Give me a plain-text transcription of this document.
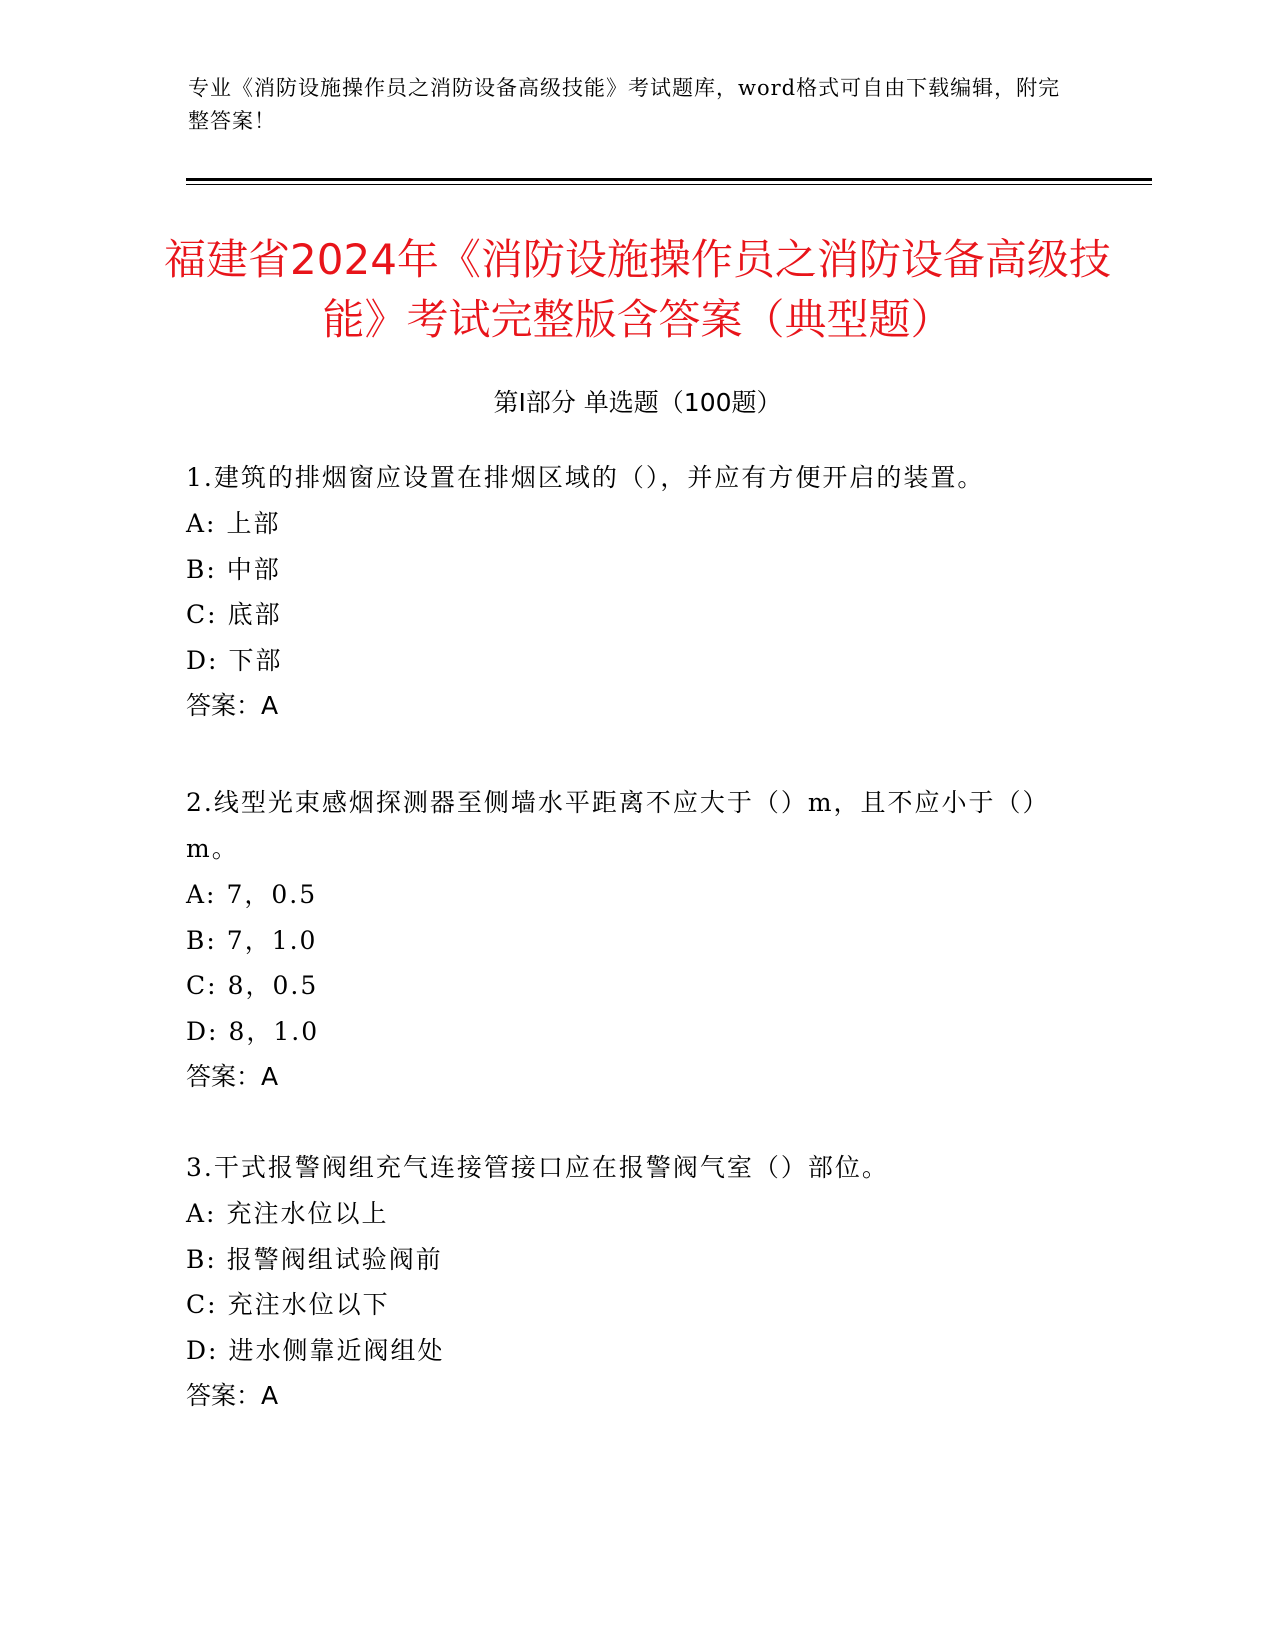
专业《消防设施操作员之消防设备高级技能》考试题库，word格式可自由下载编辑，附完整答案！
福建省2024年《消防设施操作员之消防设备高级技能》考试完整版含答案（典型题）
第I部分 单选题（100题）

1.建筑的排烟窗应设置在排烟区域的（），并应有方便开启的装置。

A: 上部
B: 中部
C: 底部
D: 下部

答案：A

2.线型光束感烟探测器至侧墙水平距离不应大于（）m，且不应小于（）m。

A: 7，0.5
B: 7，1.0
C: 8，0.5
D: 8，1.0

答案：A

3.干式报警阀组充气连接管接口应在报警阀气室（）部位。

A: 充注水位以上
B: 报警阀组试验阀前
C: 充注水位以下
D: 进水侧靠近阀组处

答案：A
